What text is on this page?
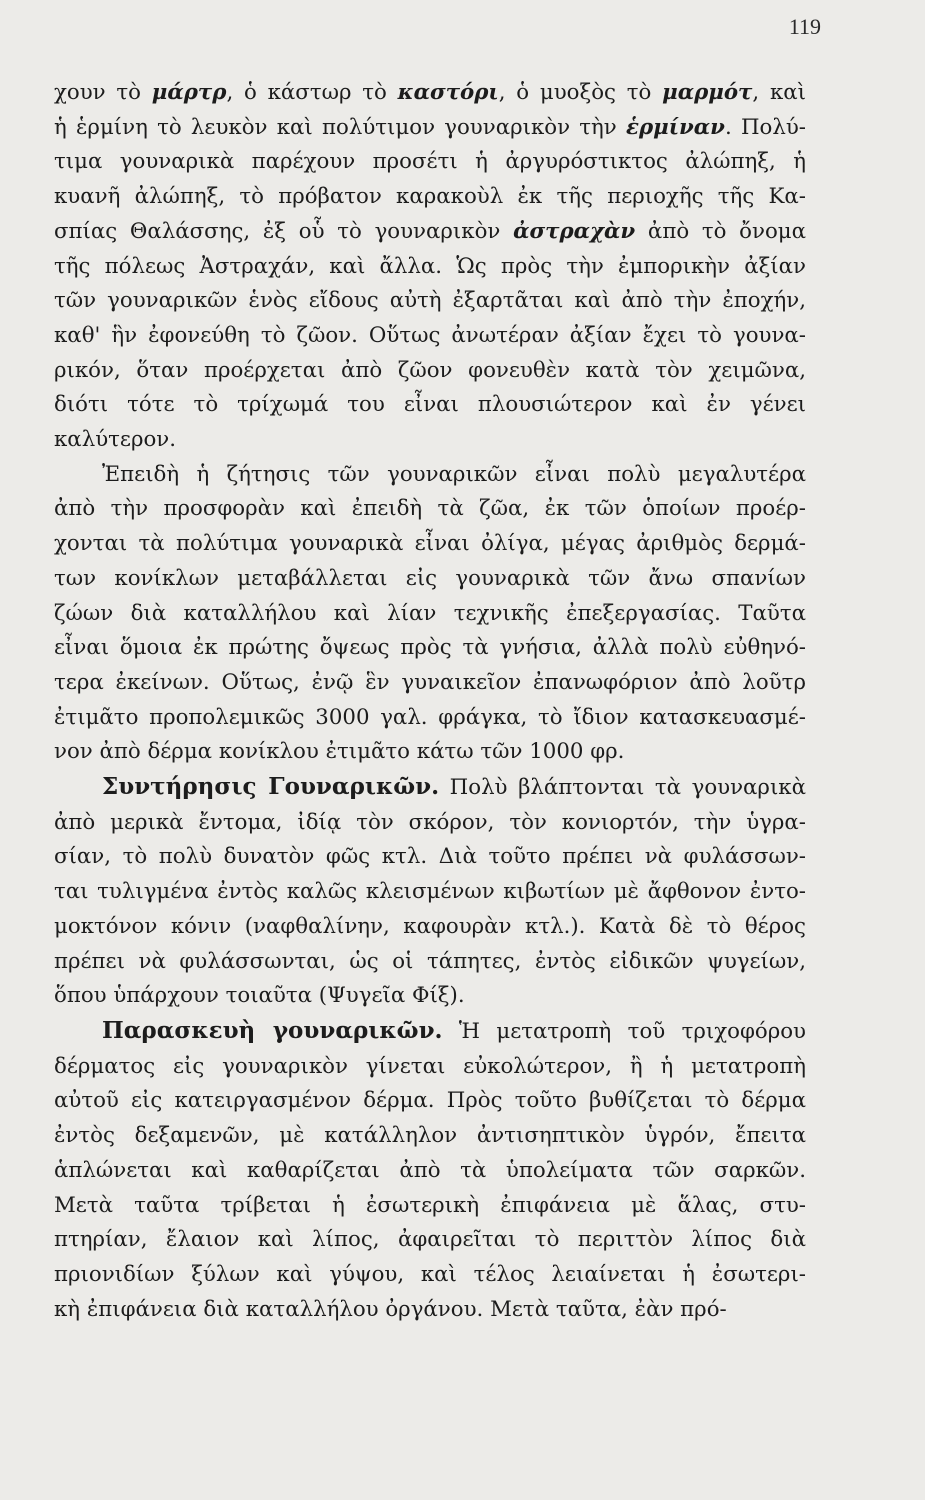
119

χουν τὸ μάρτρ, ὁ κάστωρ τὸ καστόρι, ὁ μυοξὸς τὸ μαρμότ, καὶ
ἡ ἑρμίνη τὸ λευκὸν καὶ πολύτιμον γουναρικὸν τὴν ἑρμίναν. Πολύ-
τιμα γουναρικὰ παρέχουν προσέτι ἡ ἀργυρόστικτος ἀλώπηξ, ἡ
κυανῆ ἀλώπηξ, τὸ πρόβατον καρακοὺλ ἐκ τῆς περιοχῆς τῆς Κα-
σπίας Θαλάσσης, ἐξ οὗ τὸ γουναρικὸν ἀστραχὰν ἀπὸ τὸ ὄνομα
τῆς πόλεως Ἀστραχάν, καὶ ἄλλα. Ὡς πρὸς τὴν ἐμπορικὴν ἀξίαν
τῶν γουναρικῶν ἑνὸς εἴδους αὐτὴ ἐξαρτᾶται καὶ ἀπὸ τὴν ἐποχήν,
καθ' ἣν ἐφονεύθη τὸ ζῶον. Οὕτως ἀνωτέραν ἀξίαν ἔχει τὸ γουνα-
ρικόν, ὅταν προέρχεται ἀπὸ ζῶον φονευθὲν κατὰ τὸν χειμῶνα,
διότι τότε τὸ τρίχωμά του εἶναι πλουσιώτερον καὶ ἐν γένει
καλύτερον.

Ἐπειδὴ ἡ ζήτησις τῶν γουναρικῶν εἶναι πολὺ μεγαλυτέρα
ἀπὸ τὴν προσφορὰν καὶ ἐπειδὴ τὰ ζῶα, ἐκ τῶν ὁποίων προέρ-
χονται τὰ πολύτιμα γουναρικὰ εἶναι ὀλίγα, μέγας ἀριθμὸς δερμά-
των κονίκλων μεταβάλλεται εἰς γουναρικὰ τῶν ἄνω σπανίων
ζώων διὰ καταλλήλου καὶ λίαν τεχνικῆς ἐπεξεργασίας. Ταῦτα
εἶναι ὅμοια ἐκ πρώτης ὄψεως πρὸς τὰ γνήσια, ἀλλὰ πολὺ εὐθηνό-
τερα ἐκείνων. Οὕτως, ἐνῷ ἓν γυναικεῖον ἐπανωφόριον ἀπὸ λοῦτρ
ἐτιμᾶτο προπολεμικῶς 3000 γαλ. φράγκα, τὸ ἴδιον κατασκευασμέ-
νον ἀπὸ δέρμα κονίκλου ἐτιμᾶτο κάτω τῶν 1000 φρ.

Συντήρησις Γουναρικῶν. Πολὺ βλάπτονται τὰ γουναρικὰ
ἀπὸ μερικὰ ἔντομα, ἰδίᾳ τὸν σκόρον, τὸν κονιορτόν, τὴν ὑγρα-
σίαν, τὸ πολὺ δυνατὸν φῶς κτλ. Διὰ τοῦτο πρέπει νὰ φυλάσσων-
ται τυλιγμένα ἐντὸς καλῶς κλεισμένων κιβωτίων μὲ ἄφθονον ἐντο-
μοκτόνον κόνιν (ναφθαλίνην, καφουρὰν κτλ.). Κατὰ δὲ τὸ θέρος
πρέπει νὰ φυλάσσωνται, ὡς οἱ τάπητες, ἐντὸς εἰδικῶν ψυγείων,
ὅπου ὑπάρχουν τοιαῦτα (Ψυγεῖα Φίξ).

Παρασκευὴ γουναρικῶν. Ἡ μετατροπὴ τοῦ τριχοφόρου
δέρματος εἰς γουναρικὸν γίνεται εὐκολώτερον, ἢ ἡ μετατροπὴ
αὐτοῦ εἰς κατειργασμένον δέρμα. Πρὸς τοῦτο βυθίζεται τὸ δέρμα
ἐντὸς δεξαμενῶν, μὲ κατάλληλον ἀντισηπτικὸν ὑγρόν, ἔπειτα
ἁπλώνεται καὶ καθαρίζεται ἀπὸ τὰ ὑπολείματα τῶν σαρκῶν.
Μετὰ ταῦτα τρίβεται ἡ ἐσωτερικὴ ἐπιφάνεια μὲ ἅλας, στυ-
πτηρίαν, ἔλαιον καὶ λίπος, ἀφαιρεῖται τὸ περιττὸν λίπος διὰ
πριονιδίων ξύλων καὶ γύψου, καὶ τέλος λειαίνεται ἡ ἐσωτερι-
κὴ ἐπιφάνεια διὰ καταλλήλου ὀργάνου. Μετὰ ταῦτα, ἐὰν πρό-
